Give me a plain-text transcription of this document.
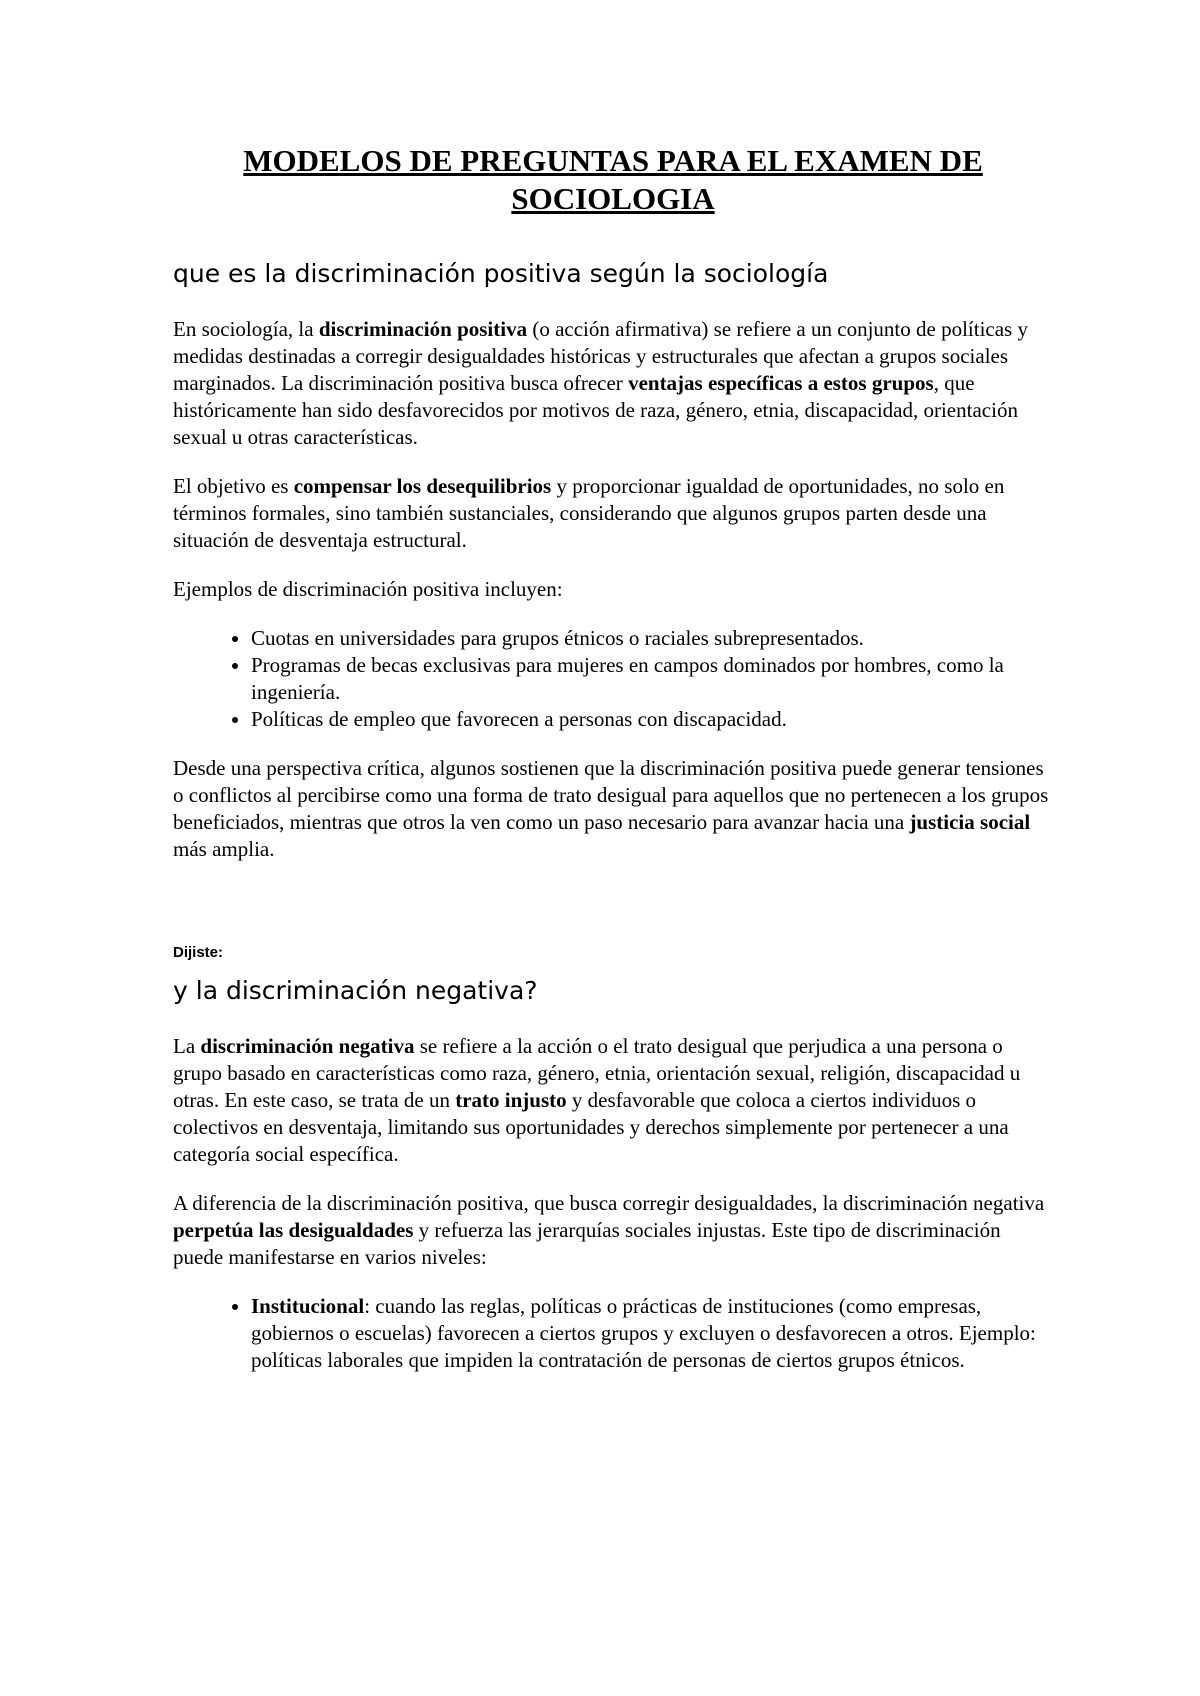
MODELOS DE PREGUNTAS PARA EL EXAMEN DE
SOCIOLOGIA
que es la discriminación positiva según la sociología

En sociología, la discriminación positiva (o acción afirmativa) se refiere a un conjunto de políticas y medidas destinadas a corregir desigualdades históricas y estructurales que afectan a grupos sociales marginados. La discriminación positiva busca ofrecer ventajas específicas a estos grupos, que históricamente han sido desfavorecidos por motivos de raza, género, etnia, discapacidad, orientación sexual u otras características.

El objetivo es compensar los desequilibrios y proporcionar igualdad de oportunidades, no solo en términos formales, sino también sustanciales, considerando que algunos grupos parten desde una situación de desventaja estructural.

Ejemplos de discriminación positiva incluyen:

• Cuotas en universidades para grupos étnicos o raciales subrepresentados.
• Programas de becas exclusivas para mujeres en campos dominados por hombres, como la ingeniería.
• Políticas de empleo que favorecen a personas con discapacidad.

Desde una perspectiva crítica, algunos sostienen que la discriminación positiva puede generar tensiones o conflictos al percibirse como una forma de trato desigual para aquellos que no pertenecen a los grupos beneficiados, mientras que otros la ven como un paso necesario para avanzar hacia una justicia social más amplia.

Dijiste:
y la discriminación negativa?

La discriminación negativa se refiere a la acción o el trato desigual que perjudica a una persona o grupo basado en características como raza, género, etnia, orientación sexual, religión, discapacidad u otras. En este caso, se trata de un trato injusto y desfavorable que coloca a ciertos individuos o colectivos en desventaja, limitando sus oportunidades y derechos simplemente por pertenecer a una categoría social específica.

A diferencia de la discriminación positiva, que busca corregir desigualdades, la discriminación negativa perpetúa las desigualdades y refuerza las jerarquías sociales injustas. Este tipo de discriminación puede manifestarse en varios niveles:

• Institucional: cuando las reglas, políticas o prácticas de instituciones (como empresas, gobiernos o escuelas) favorecen a ciertos grupos y excluyen o desfavorecen a otros. Ejemplo: políticas laborales que impiden la contratación de personas de ciertos grupos étnicos.
